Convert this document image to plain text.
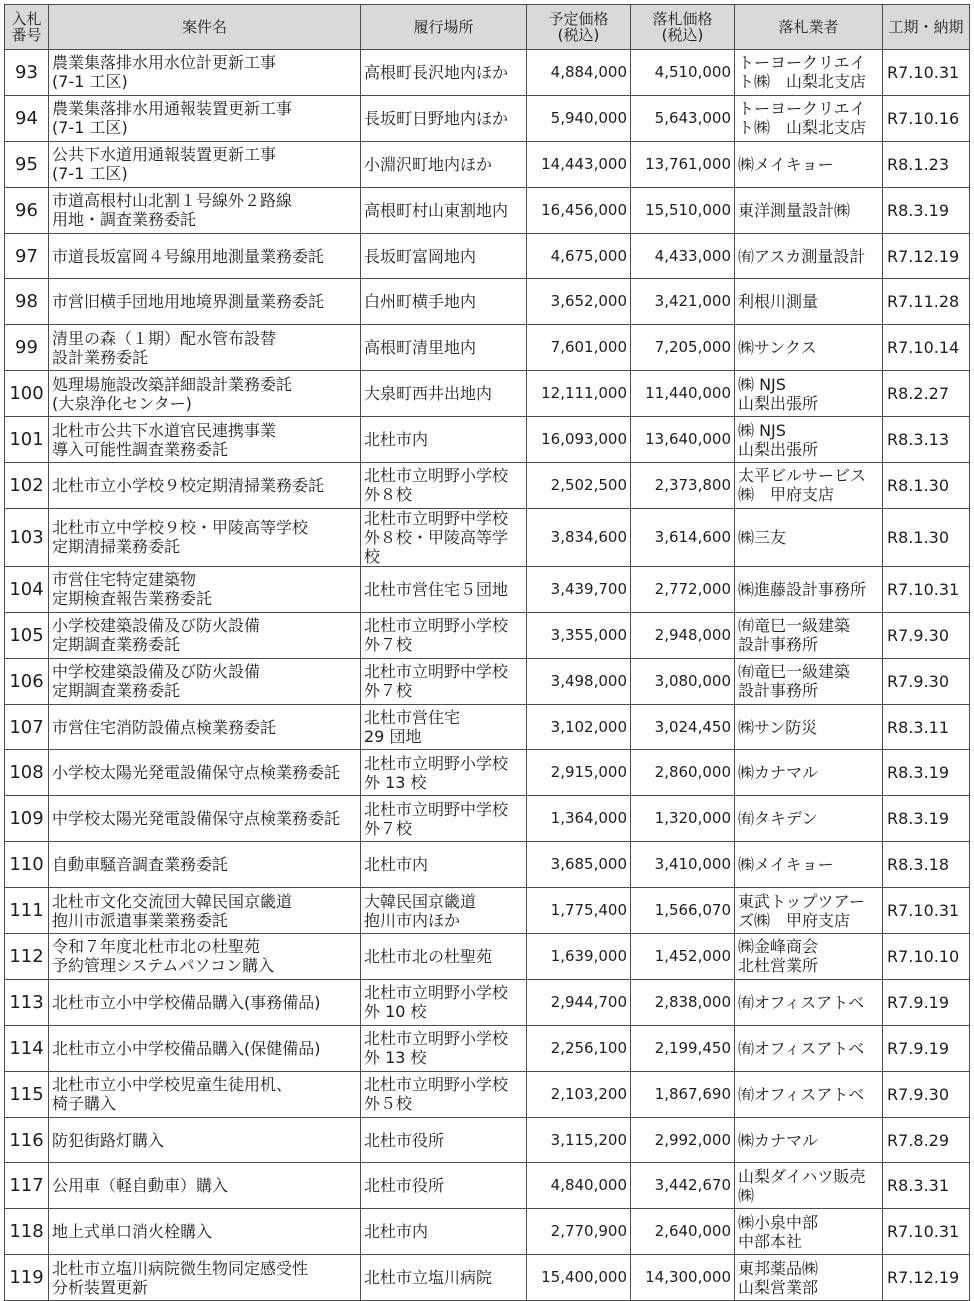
入札
番号	案件名	履行場所	予定価格
(税込)	落札価格
(税込)	落札業者	工期・納期
93	農業集落排水用水位計更新工事
(7-1 工区)	高根町長沢地内ほか	4,884,000	4,510,000	トーヨークリエイ
ト㈱　山梨北支店	R7.10.31
94	農業集落排水用通報装置更新工事
(7-1 工区)	長坂町日野地内ほか	5,940,000	5,643,000	トーヨークリエイ
ト㈱　山梨北支店	R7.10.16
95	公共下水道用通報装置更新工事
(7-1 工区)	小淵沢町地内ほか	14,443,000	13,761,000	㈱メイキョー	R8.1.23
96	市道高根村山北割１号線外２路線
用地・調査業務委託	高根町村山東割地内	16,456,000	15,510,000	東洋測量設計㈱	R8.3.19
97	市道長坂富岡４号線用地測量業務委託	長坂町富岡地内	4,675,000	4,433,000	㈲アスカ測量設計	R7.12.19
98	市営旧横手団地用地境界測量業務委託	白州町横手地内	3,652,000	3,421,000	利根川測量	R7.11.28
99	清里の森（１期）配水管布設替
設計業務委託	高根町清里地内	7,601,000	7,205,000	㈱サンクス	R7.10.14
100	処理場施設改築詳細設計業務委託
(大泉浄化センター)	大泉町西井出地内	12,111,000	11,440,000	㈱ NJS
山梨出張所	R8.2.27
101	北杜市公共下水道官民連携事業
導入可能性調査業務委託	北杜市内	16,093,000	13,640,000	㈱ NJS
山梨出張所	R8.3.13
102	北杜市立小学校９校定期清掃業務委託	北杜市立明野小学校
外８校	2,502,500	2,373,800	太平ビルサービス
㈱　甲府支店	R8.1.30
103	北杜市立中学校９校・甲陵高等学校
定期清掃業務委託	北杜市立明野中学校
外８校・甲陵高等学校	3,834,600	3,614,600	㈱三友	R8.1.30
104	市営住宅特定建築物
定期検査報告業務委託	北杜市営住宅５団地	3,439,700	2,772,000	㈱進藤設計事務所	R7.10.31
105	小学校建築設備及び防火設備
定期調査業務委託	北杜市立明野小学校
外７校	3,355,000	2,948,000	㈲竜巳一級建築
設計事務所	R7.9.30
106	中学校建築設備及び防火設備
定期調査業務委託	北杜市立明野中学校
外７校	3,498,000	3,080,000	㈲竜巳一級建築
設計事務所	R7.9.30
107	市営住宅消防設備点検業務委託	北杜市営住宅
29 団地	3,102,000	3,024,450	㈱サン防災	R8.3.11
108	小学校太陽光発電設備保守点検業務委託	北杜市立明野小学校
外 13 校	2,915,000	2,860,000	㈱カナマル	R8.3.19
109	中学校太陽光発電設備保守点検業務委託	北杜市立明野中学校
外７校	1,364,000	1,320,000	㈲タキデン	R8.3.19
110	自動車騒音調査業務委託	北杜市内	3,685,000	3,410,000	㈱メイキョー	R8.3.18
111	北杜市文化交流団大韓民国京畿道
抱川市派遣事業業務委託	大韓民国京畿道
抱川市内ほか	1,775,400	1,566,070	東武トップツアー
ズ㈱　甲府支店	R7.10.31
112	令和７年度北杜市北の杜聖苑
予約管理システムパソコン購入	北杜市北の杜聖苑	1,639,000	1,452,000	㈱金峰商会
北杜営業所	R7.10.10
113	北杜市立小中学校備品購入(事務備品)	北杜市立明野小学校
外 10 校	2,944,700	2,838,000	㈲オフィスアトベ	R7.9.19
114	北杜市立小中学校備品購入(保健備品)	北杜市立明野小学校
外 13 校	2,256,100	2,199,450	㈲オフィスアトベ	R7.9.19
115	北杜市立小中学校児童生徒用机、
椅子購入	北杜市立明野小学校
外５校	2,103,200	1,867,690	㈲オフィスアトベ	R7.9.30
116	防犯街路灯購入	北杜市役所	3,115,200	2,992,000	㈱カナマル	R7.8.29
117	公用車（軽自動車）購入	北杜市役所	4,840,000	3,442,670	山梨ダイハツ販売㈱	R8.3.31
118	地上式単口消火栓購入	北杜市内	2,770,900	2,640,000	㈱小泉中部
中部本社	R7.10.31
119	北杜市立塩川病院微生物同定感受性
分析装置更新	北杜市立塩川病院	15,400,000	14,300,000	東邦薬品㈱
山梨営業部	R7.12.19
